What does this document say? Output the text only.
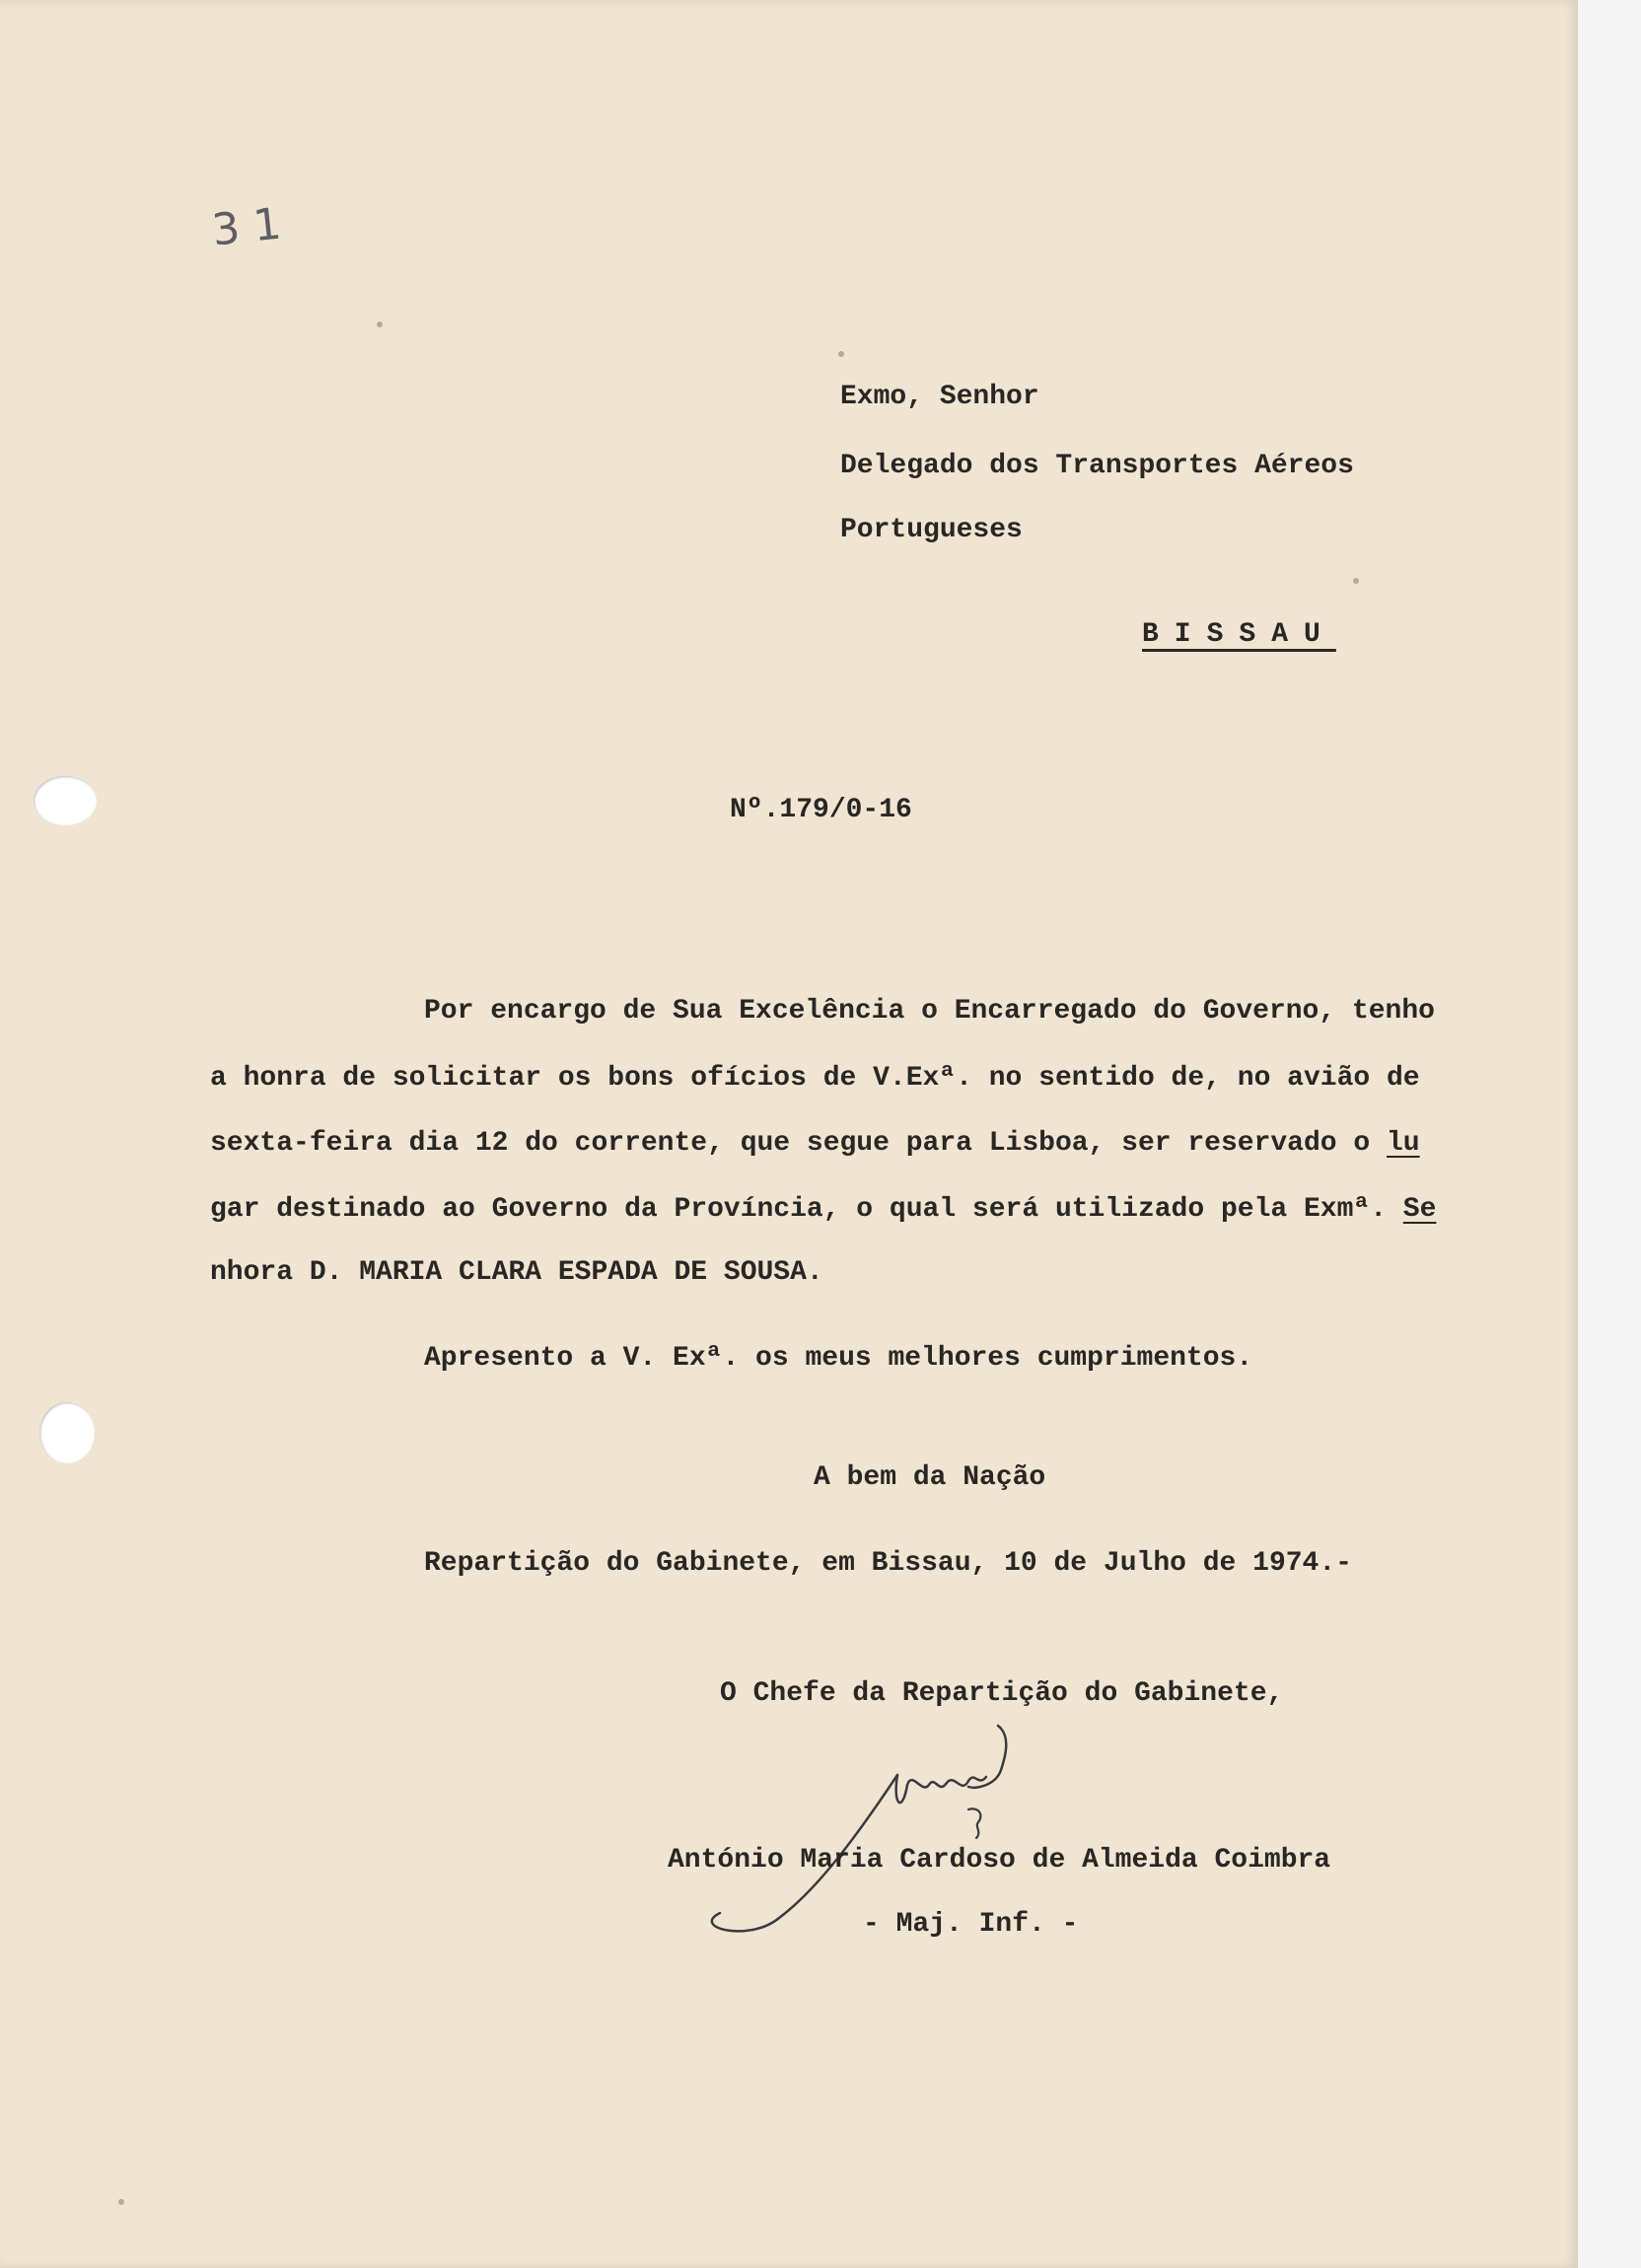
3 1

Exmo, Senhor

Delegado dos Transportes Aéreos

Portugueses

BISSAU

Nº.179/0-16

Por encargo de Sua Excelência o Encarregado do Governo, tenho

a honra de solicitar os bons ofícios de V.Exª. no sentido de, no avião de

sexta-feira dia 12 do corrente, que segue para Lisboa, ser reservado o lu

gar destinado ao Governo da Província, o qual será utilizado pela Exmª. Se

nhora D. MARIA CLARA ESPADA DE SOUSA.

Apresento a V. Exª. os meus melhores cumprimentos.

A bem da Nação

Repartição do Gabinete, em Bissau, 10 de Julho de 1974.-

O Chefe da Repartição do Gabinete,

António Maria Cardoso de Almeida Coimbra

- Maj. Inf. -
